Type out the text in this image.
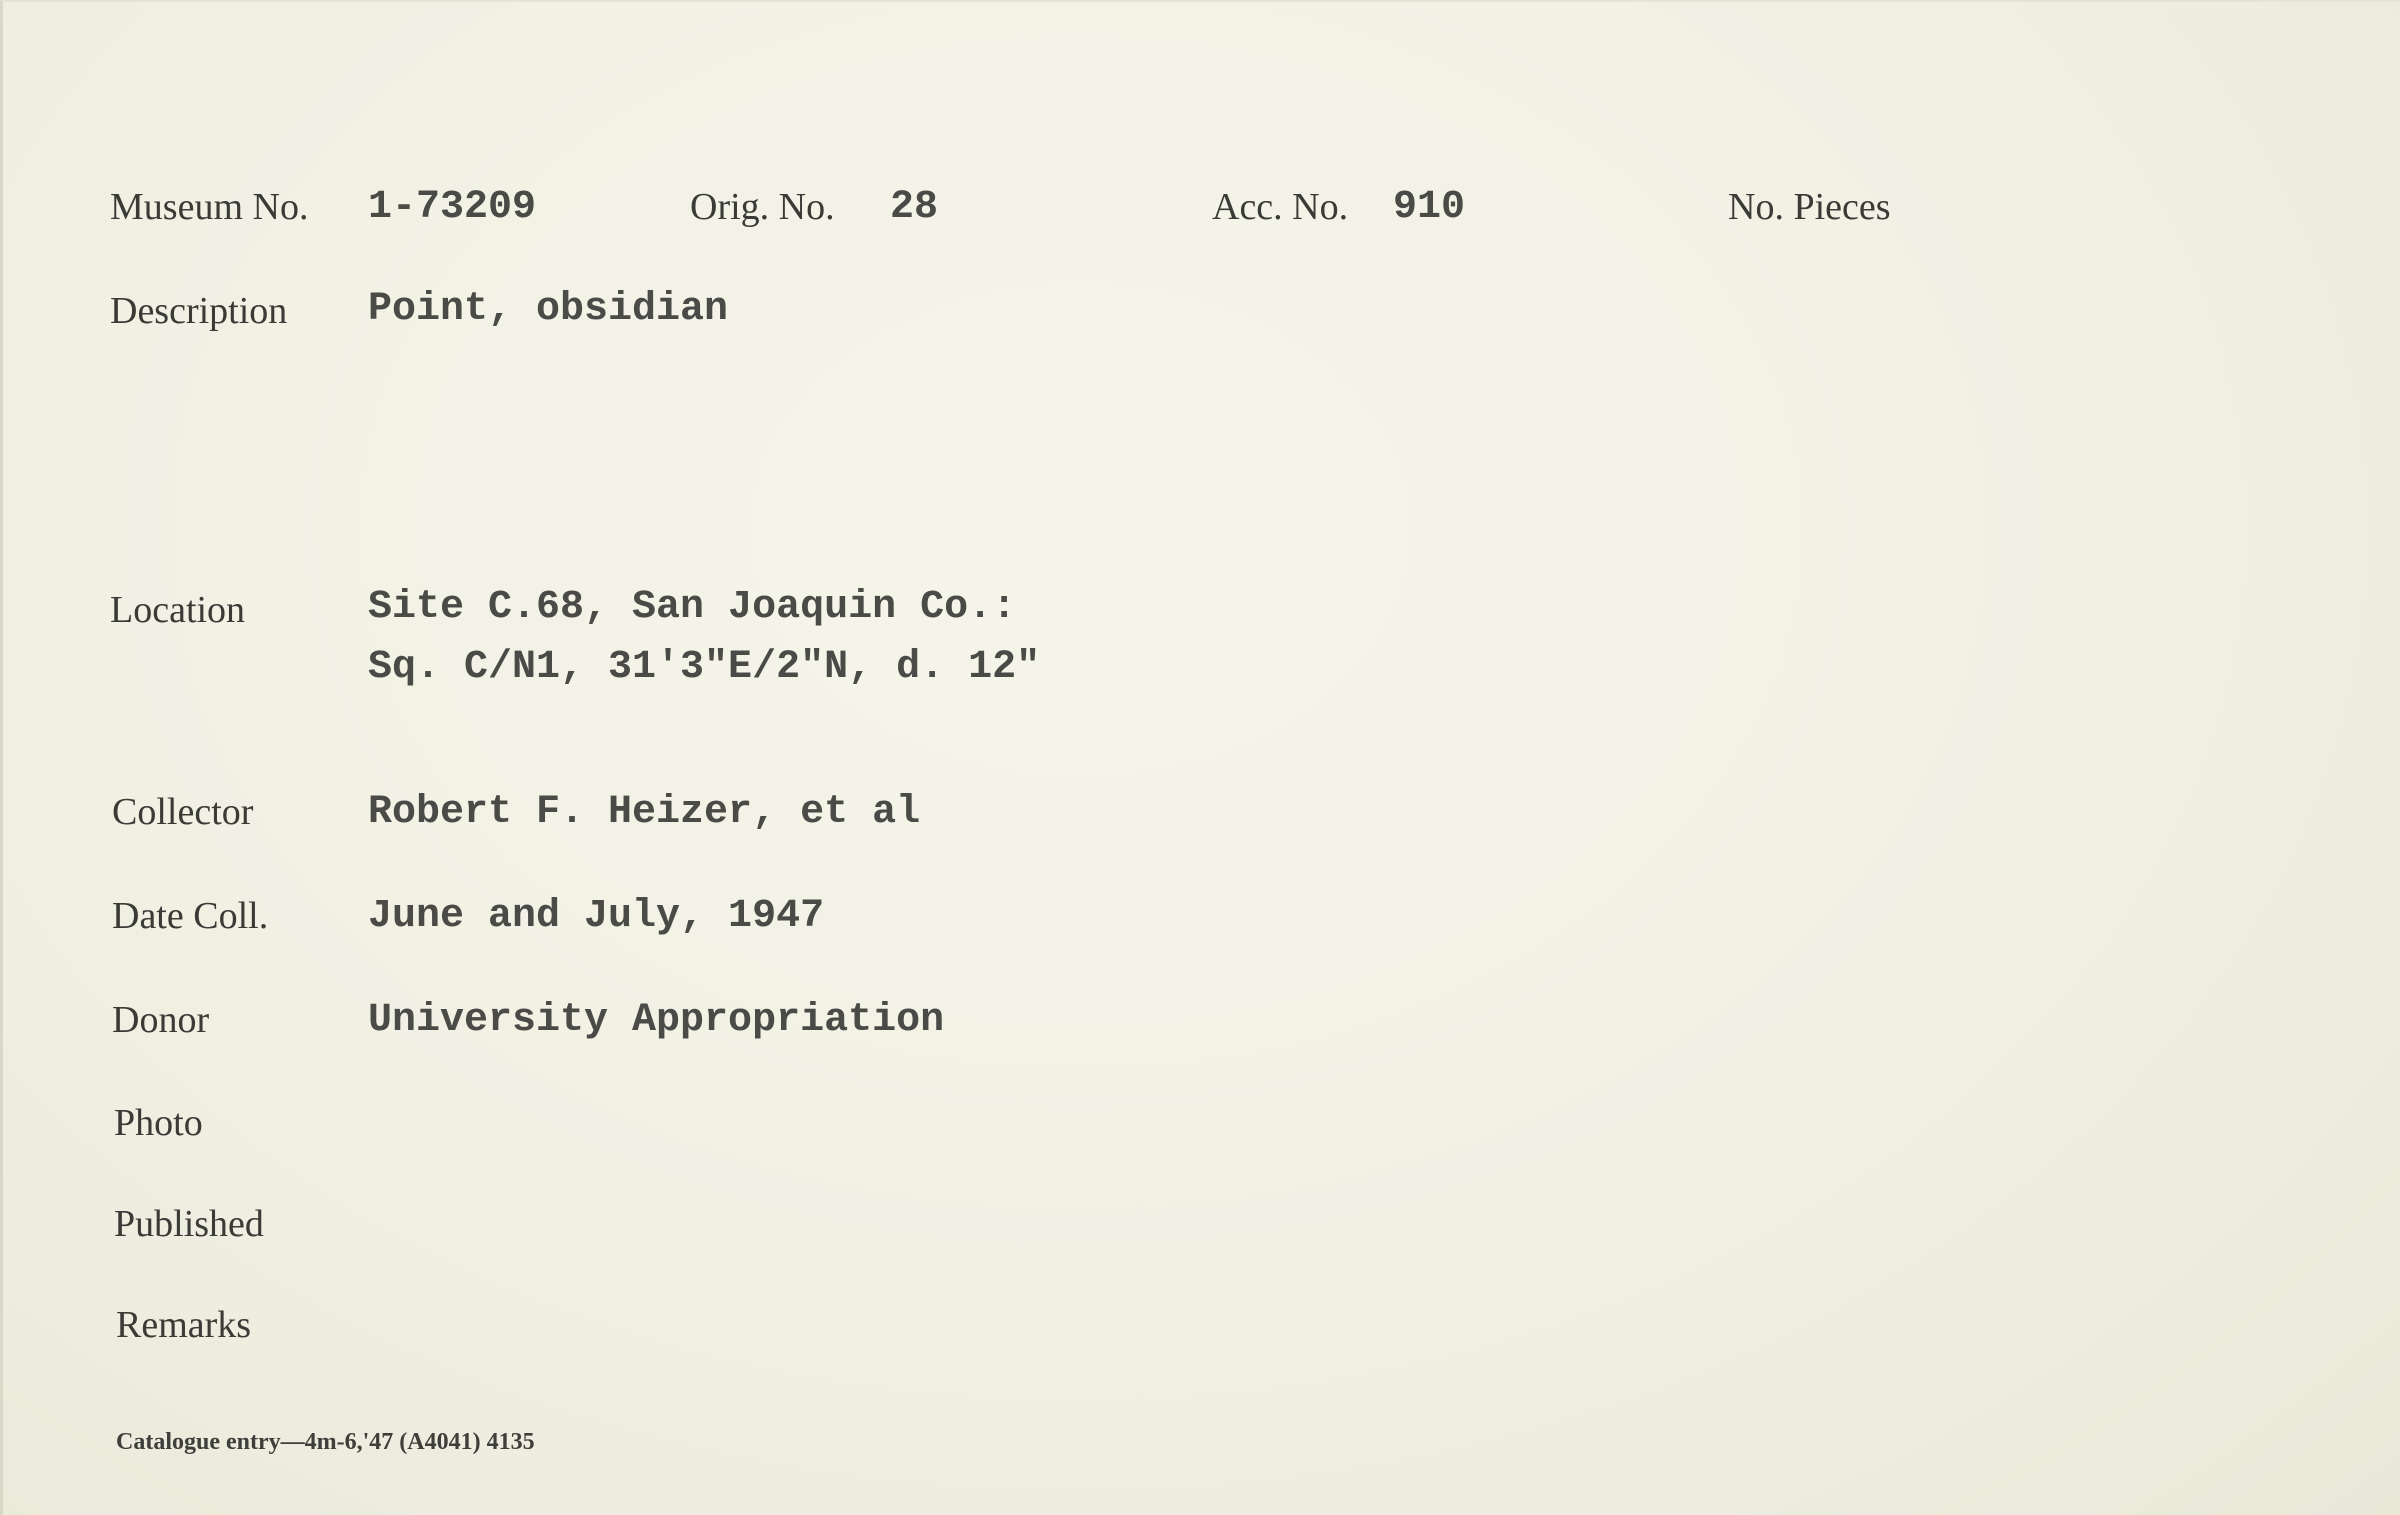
Museum No. 1-73209	Orig. No. 28	Acc. No. 910	No. Pieces
Description Point, obsidian
Location	Site C.68, San Joaquin Co.:
Sq. C/N1, 31'3"E/2"N, d. 12"
Collector	Robert F. Heizer, et al
Date Coll. June and July, 1947
Donor	University Appropriation
Photo
Published
Remarks
Catalogue entry—4m-6,'47 (A4041) 4135
